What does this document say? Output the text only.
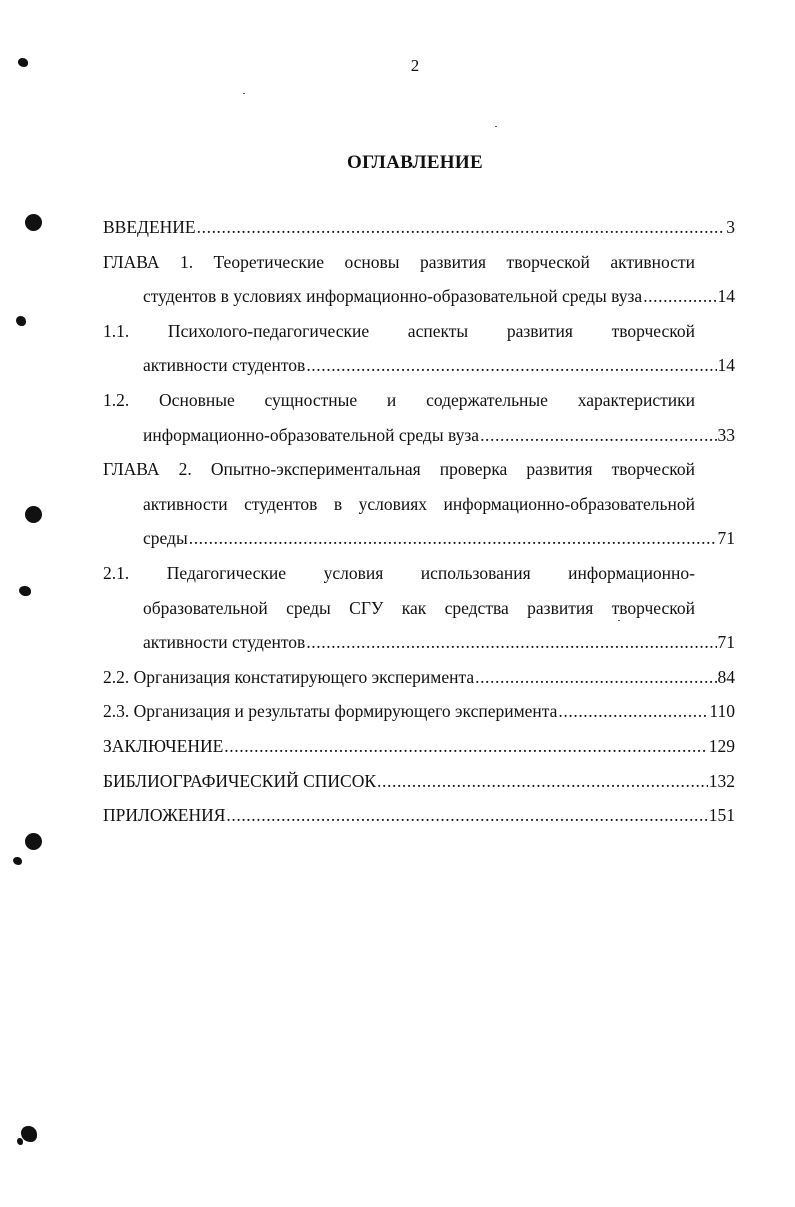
2
ОГЛАВЛЕНИЕ
ВВЕДЕНИЕ .....	3
ГЛАВА 1. Теоретические основы развития творческой активности
студентов в условиях информационно-образовательной среды вуза .....	14
1.1. Психолого-педагогические аспекты развития творческой
активности студентов .....	14
1.2. Основные сущностные и содержательные характеристики
информационно-образовательной среды вуза .....	33
ГЛАВА 2. Опытно-экспериментальная проверка развития творческой
активности студентов в условиях информационно-образовательной
среды .....	71
2.1. Педагогические условия использования информационно-
образовательной среды СГУ как средства развития творческой
активности студентов .....	71
2.2. Организация констатирующего эксперимента .....	84
2.3. Организация и результаты формирующего эксперимента .....	110
ЗАКЛЮЧЕНИЕ .....	129
БИБЛИОГРАФИЧЕСКИЙ СПИСОК .....	132
ПРИЛОЖЕНИЯ .....	151
